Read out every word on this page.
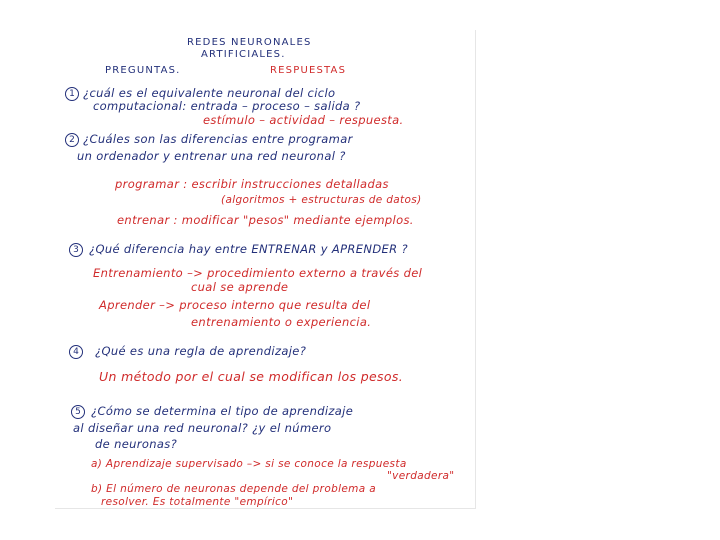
REDES NEURONALES
ARTIFICIALES.
PREGUNTAS.	RESPUESTAS
1 ¿cuál es el equivalente neuronal del ciclo
computacional: entrada – proceso – salida ?
estímulo – actividad – respuesta.
2 ¿Cuáles son las diferencias entre programar
un ordenador y entrenar una red neuronal ?
programar : escribir instrucciones detalladas
(algoritmos + estructuras de datos)
entrenar : modificar "pesos" mediante ejemplos.
3 ¿Qué diferencia hay entre ENTRENAR y APRENDER ?
Entrenamiento –> procedimiento externo a través del
cual se aprende
Aprender –> proceso interno que resulta del
entrenamiento o experiencia.
4	¿Qué es una regla de aprendizaje?
Un método por el cual se modifican los pesos.
5 ¿Cómo se determina el tipo de aprendizaje
al diseñar una red neuronal? ¿y el número
de neuronas?
a) Aprendizaje supervisado –> si se conoce la respuesta
"verdadera"
b) El número de neuronas depende del problema a
resolver. Es totalmente "empírico"
